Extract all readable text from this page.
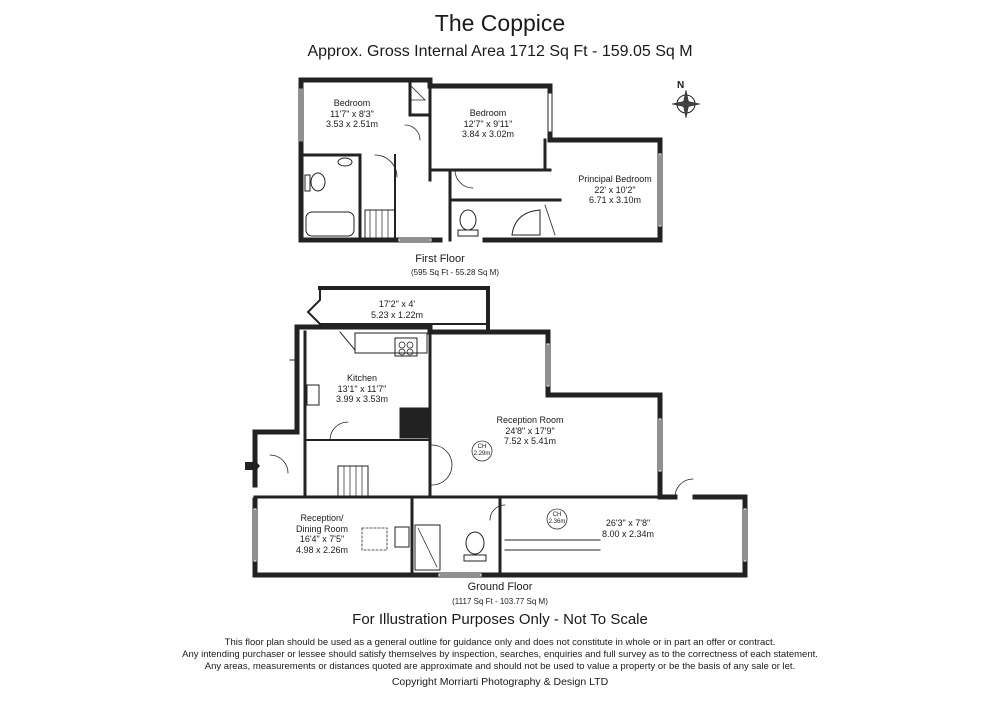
The Coppice
Approx. Gross Internal Area 1712 Sq Ft - 159.05 Sq M
N
Bedroom
11'7" x 8'3"
3.53 x 2.51m
Bedroom
12'7" x 9'11"
3.84 x 3.02m
Principal Bedroom
22' x 10'2"
6.71 x 3.10m
First Floor
(595 Sq Ft - 55.28 Sq M)
17'2" x 4'
5.23 x 1.22m
Kitchen
13'1" x 11'7"
3.99 x 3.53m
Reception Room
24'8" x 17'9"
7.52 x 5.41m
Reception/
Dining Room
16'4" x 7'5"
4.98 x 2.26m
26'3" x 7'8"
8.00 x 2.34m
CH
2.29m
CH
2.36m
Ground Floor
(1117 Sq Ft - 103.77 Sq M)
For Illustration Purposes Only - Not To Scale
This floor plan should be used as a general outline for guidance only and does not constitute in whole or in part an offer or contract.
Any intending purchaser or lessee should satisfy themselves by inspection, searches, enquiries and full survey as to the correctness of each statement.
Any areas, measurements or distances quoted are approximate and should not be used to value a property or be the basis of any sale or let.
Copyright Morriarti Photography & Design LTD
